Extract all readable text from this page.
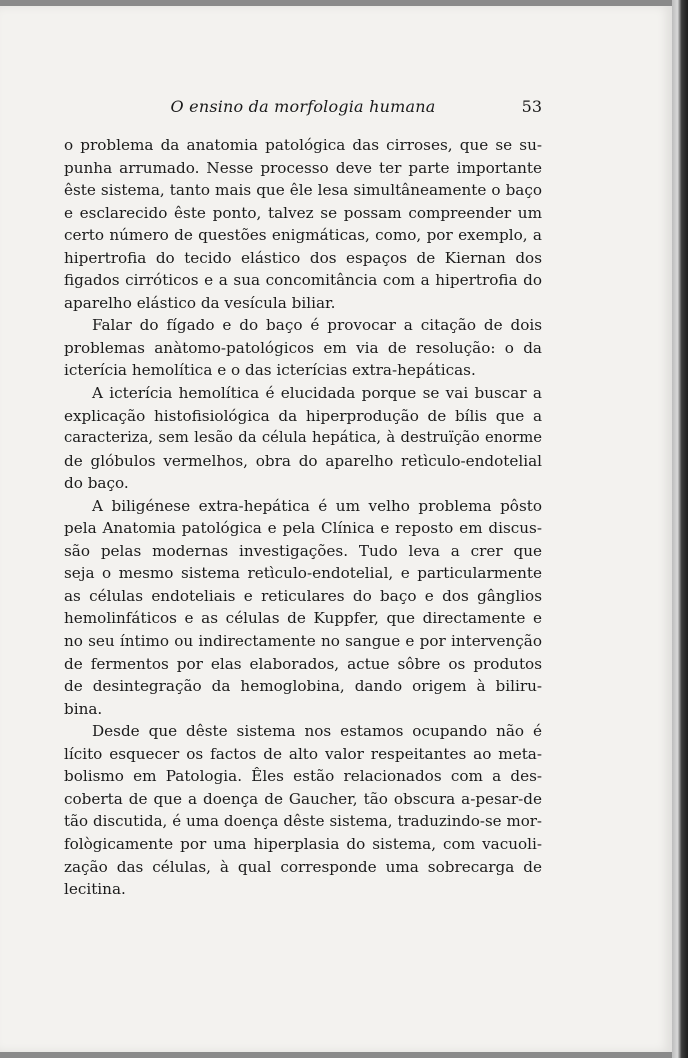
O ensino da morfologia humana	53
o problema da anatomia patológica das cirroses, que se su-
punha arrumado. Nesse processo deve ter parte importante
êste sistema, tanto mais que êle lesa simultâneamente o baço
e esclarecido êste ponto, talvez se possam compreender um
certo número de questões enigmáticas, como, por exemplo, a
hipertrofia do tecido elástico dos espaços de Kiernan dos
figados cirróticos e a sua concomitância com a hipertrofia do
aparelho elástico da vesícula biliar.
Falar do fígado e do baço é provocar a citação de dois
problemas anàtomo-patológicos em via de resolução: o da
icterícia hemolítica e o das icterícias extra-hepáticas.
A icterícia hemolítica é elucidada porque se vai buscar a
explicação histofisiológica da hiperprodução de bílis que a
caracteriza, sem lesão da célula hepática, à destruïção enorme
de glóbulos vermelhos, obra do aparelho retìculo-endotelial
do baço.
A biligénese extra-hepática é um velho problema pôsto
pela Anatomia patológica e pela Clínica e reposto em discus-
são pelas modernas investigações. Tudo leva a crer que
seja o mesmo sistema retìculo-endotelial, e particularmente
as células endoteliais e reticulares do baço e dos gânglios
hemolinfáticos e as células de Kuppfer, que directamente e
no seu íntimo ou indirectamente no sangue e por intervenção
de fermentos por elas elaborados, actue sôbre os produtos
de desintegração da hemoglobina, dando origem à biliru-
bina.
Desde que dêste sistema nos estamos ocupando não é
lícito esquecer os factos de alto valor respeitantes ao meta-
bolismo em Patologia. Êles estão relacionados com a des-
coberta de que a doença de Gaucher, tão obscura a-pesar-de
tão discutida, é uma doença dêste sistema, traduzindo-se mor-
fològicamente por uma hiperplasia do sistema, com vacuoli-
zação das células, à qual corresponde uma sobrecarga de
lecitina.
